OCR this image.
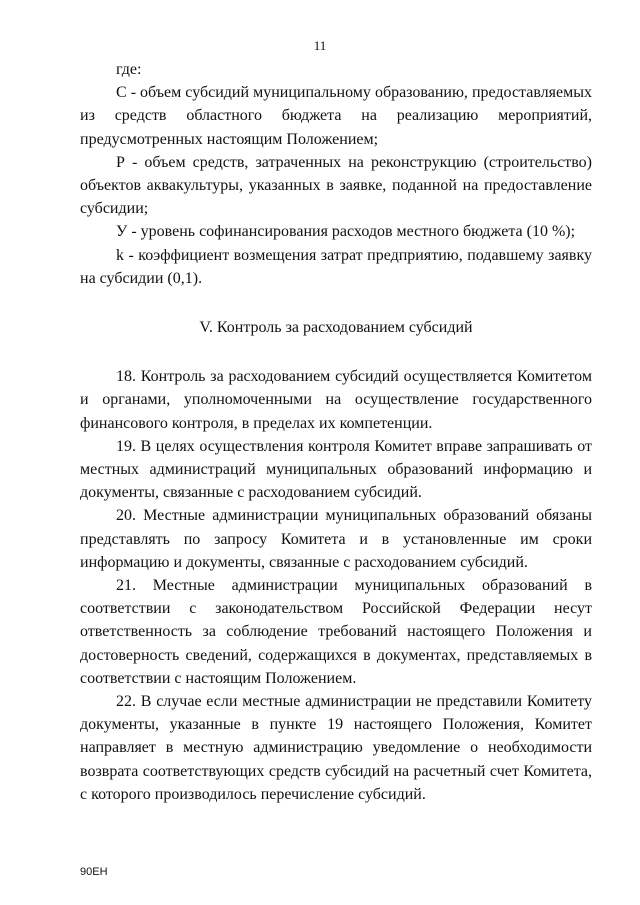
11

где:

С - объем субсидий муниципальному образованию, предоставляемых из средств областного бюджета на реализацию мероприятий, предусмотренных настоящим Положением;

Р - объем средств, затраченных на реконструкцию (строительство) объектов аквакультуры, указанных в заявке, поданной на предоставление субсидии;

У - уровень софинансирования расходов местного бюджета (10 %);

k - коэффициент возмещения затрат предприятию, подавшему заявку на субсидии (0,1).

V. Контроль за расходованием субсидий

18. Контроль за расходованием субсидий осуществляется Комитетом и органами, уполномоченными на осуществление государственного финансового контроля, в пределах их компетенции.

19. В целях осуществления контроля Комитет вправе запрашивать от местных администраций муниципальных образований информацию и документы, связанные с расходованием субсидий.

20. Местные администрации муниципальных образований обязаны представлять по запросу Комитета и в установленные им сроки информацию и документы, связанные с расходованием субсидий.

21. Местные администрации муниципальных образований в соответствии с законодательством Российской Федерации несут ответственность за соблюдение требований настоящего Положения и достоверность сведений, содержащихся в документах, представляемых в соответствии с настоящим Положением.

22. В случае если местные администрации не представили Комитету документы, указанные в пункте 19 настоящего Положения, Комитет направляет в местную администрацию уведомление о необходимости возврата соответствующих средств субсидий на расчетный счет Комитета, с которого производилось перечисление субсидий.

90ЕН
